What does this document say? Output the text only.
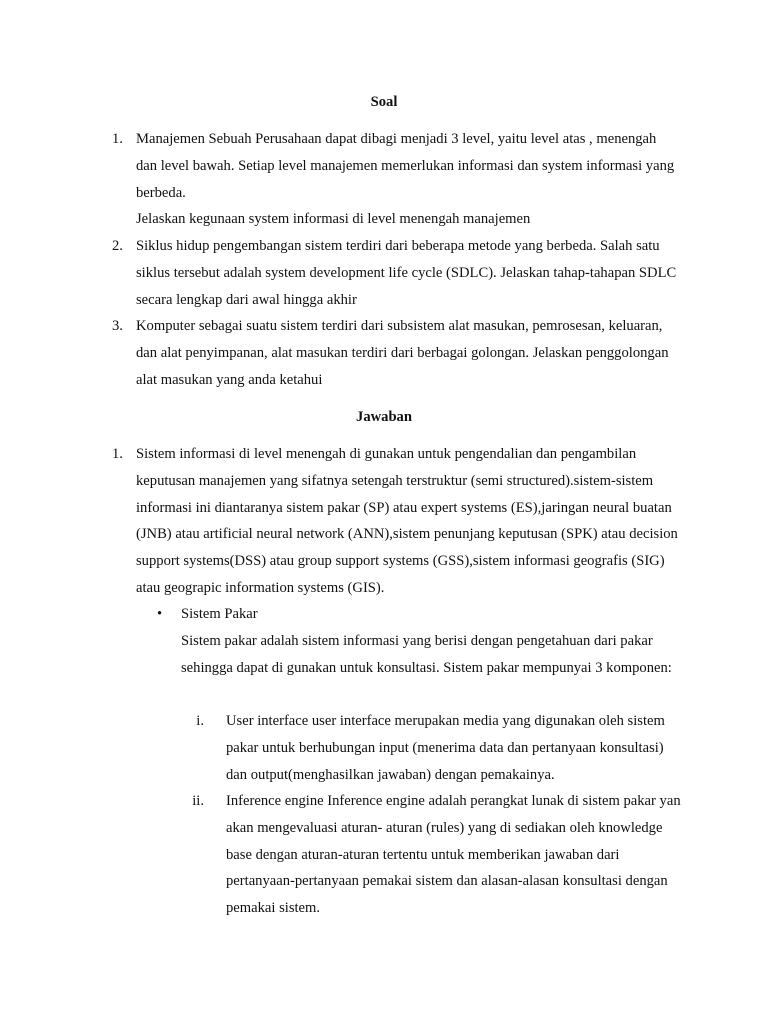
Soal
1. Manajemen Sebuah Perusahaan dapat dibagi menjadi 3 level, yaitu level atas , menengah dan level bawah. Setiap level manajemen memerlukan informasi dan system informasi yang berbeda.

Jelaskan kegunaan system informasi di level menengah manajemen

2. Siklus hidup pengembangan sistem terdiri dari beberapa metode yang berbeda. Salah satu siklus tersebut adalah system development life cycle (SDLC). Jelaskan tahap-tahapan SDLC secara lengkap dari awal hingga akhir

3. Komputer sebagai suatu sistem terdiri dari subsistem alat masukan, pemrosesan, keluaran, dan alat penyimpanan, alat masukan terdiri dari berbagai golongan. Jelaskan penggolongan alat masukan yang anda ketahui

Jawaban
1. Sistem informasi di level menengah di gunakan untuk pengendalian dan pengambilan keputusan manajemen yang sifatnya setengah terstruktur (semi structured).sistem-sistem informasi ini diantaranya sistem pakar (SP) atau expert systems (ES),jaringan neural buatan (JNB) atau artificial neural network (ANN),sistem penunjang keputusan (SPK) atau decision support systems(DSS) atau group support systems (GSS),sistem informasi geografis (SIG) atau geograpic information systems (GIS).

• Sistem Pakar

Sistem pakar adalah sistem informasi yang berisi dengan pengetahuan dari pakar sehingga dapat di gunakan untuk konsultasi. Sistem pakar mempunyai 3 komponen:

i. User interface user interface merupakan media yang digunakan oleh sistem pakar untuk berhubungan input (menerima data dan pertanyaan konsultasi) dan output(menghasilkan jawaban) dengan pemakainya.

ii. Inference engine Inference engine adalah perangkat lunak di sistem pakar yan akan mengevaluasi aturan- aturan (rules) yang di sediakan oleh knowledge base dengan aturan-aturan tertentu untuk memberikan jawaban dari pertanyaan-pertanyaan pemakai sistem dan alasan-alasan konsultasi dengan pemakai sistem.
